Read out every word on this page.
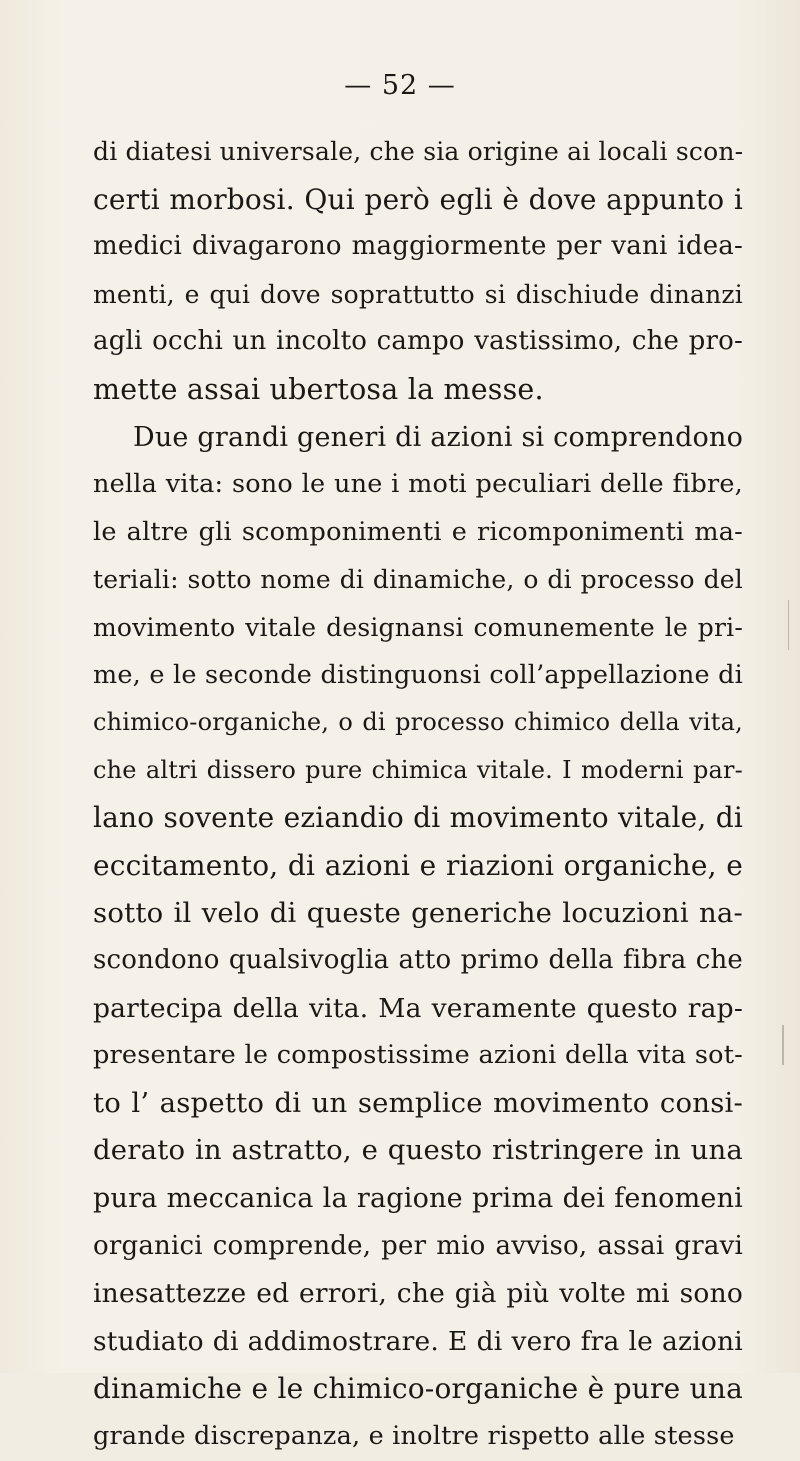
— 52 —
di diatesi universale, che sia origine ai locali scon-
certi morbosi. Qui però egli è dove appunto i
medici divagarono maggiormente per vani idea-
menti, e qui dove soprattutto si dischiude dinanzi
agli occhi un incolto campo vastissimo, che pro-
mette assai ubertosa la messe.
Due grandi generi di azioni si comprendono
nella vita: sono le une i moti peculiari delle fibre,
le altre gli scomponimenti e ricomponimenti ma-
teriali: sotto nome di dinamiche, o di processo del
movimento vitale designansi comunemente le pri-
me, e le seconde distinguonsi coll’appellazione di
chimico-organiche, o di processo chimico della vita,
che altri dissero pure chimica vitale. I moderni par-
lano sovente eziandio di movimento vitale, di
eccitamento, di azioni e riazioni organiche, e
sotto il velo di queste generiche locuzioni na-
scondono qualsivoglia atto primo della fibra che
partecipa della vita. Ma veramente questo rap-
presentare le compostissime azioni della vita sot-
to l’ aspetto di un semplice movimento consi-
derato in astratto, e questo ristringere in una
pura meccanica la ragione prima dei fenomeni
organici comprende, per mio avviso, assai gravi
inesattezze ed errori, che già più volte mi sono
studiato di addimostrare. E di vero fra le azioni
dinamiche e le chimico-organiche è pure una
grande discrepanza, e inoltre rispetto alle stesse
